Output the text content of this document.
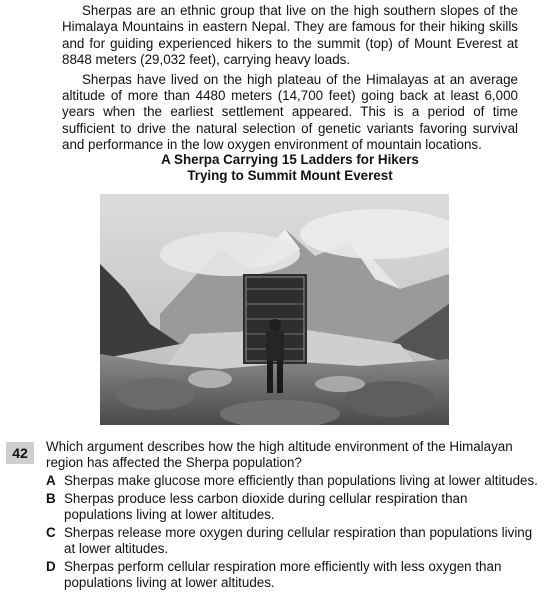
Sherpas are an ethnic group that live on the high southern slopes of the Himalaya Mountains in eastern Nepal. They are famous for their hiking skills and for guiding experienced hikers to the summit (top) of Mount Everest at 8848 meters (29,032 feet), carrying heavy loads.

Sherpas have lived on the high plateau of the Himalayas at an average altitude of more than 4480 meters (14,700 feet) going back at least 6,000 years when the earliest settlement appeared. This is a period of time sufficient to drive the natural selection of genetic variants favoring survival and performance in the low oxygen environment of mountain locations.

A Sherpa Carrying 15 Ladders for Hikers
Trying to Summit Mount Everest
42	Which argument describes how the high altitude environment of the Himalayan region has affected the Sherpa population?
A Sherpas make glucose more efficiently than populations living at lower altitudes.
B Sherpas produce less carbon dioxide during cellular respiration than populations living at lower altitudes.
C Sherpas release more oxygen during cellular respiration than populations living at lower altitudes.
D Sherpas perform cellular respiration more efficiently with less oxygen than populations living at lower altitudes.
